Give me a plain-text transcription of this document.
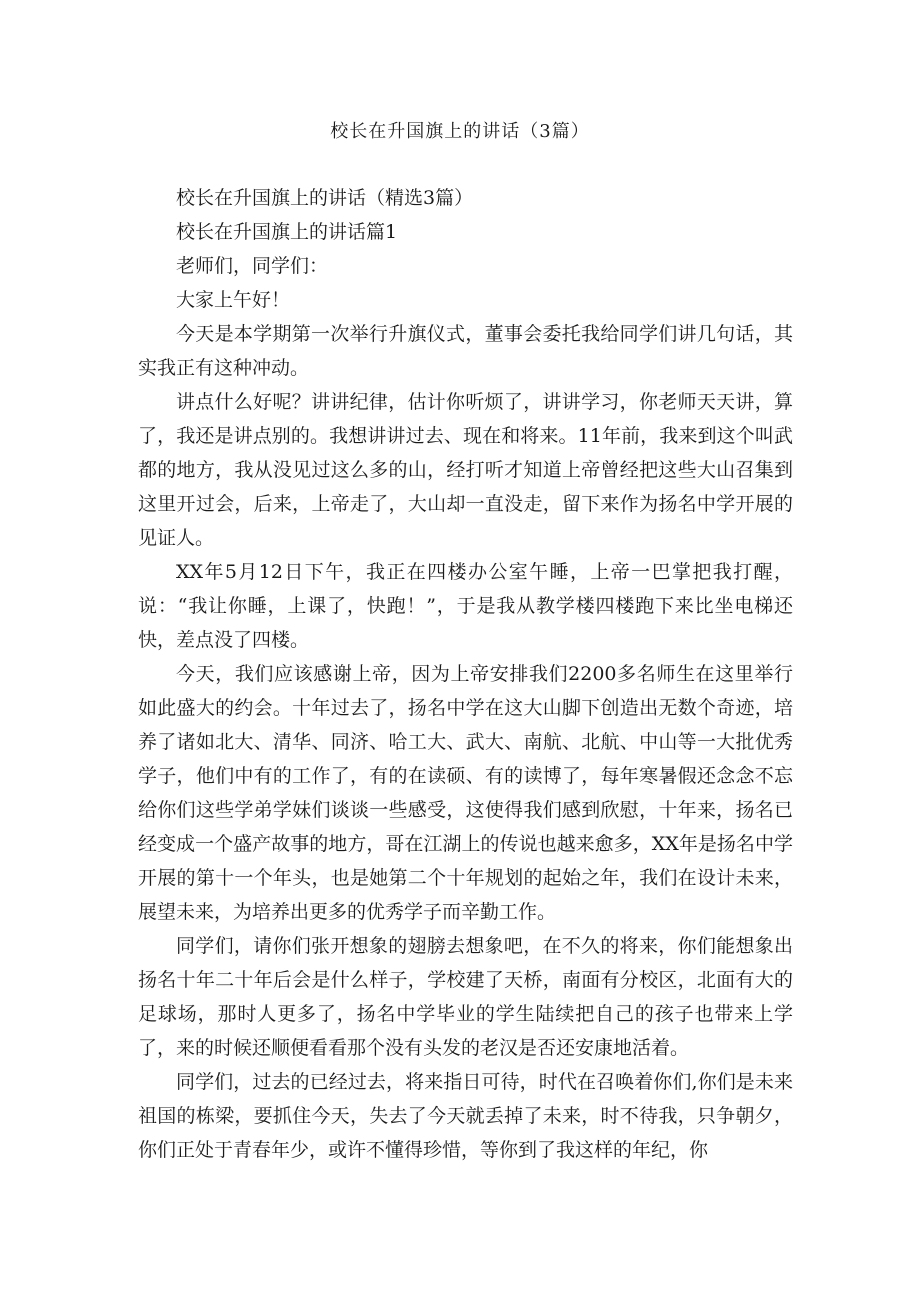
校长在升国旗上的讲话（3篇）

校长在升国旗上的讲话（精选3篇）

校长在升国旗上的讲话篇1

老师们，同学们：

大家上午好！

今天是本学期第一次举行升旗仪式，董事会委托我给同学们讲几句话，其实我正有这种冲动。

讲点什么好呢？讲讲纪律，估计你听烦了，讲讲学习，你老师天天讲，算了，我还是讲点别的。我想讲讲过去、现在和将来。11年前，我来到这个叫武都的地方，我从没见过这么多的山，经打听才知道上帝曾经把这些大山召集到这里开过会，后来，上帝走了，大山却一直没走，留下来作为扬名中学开展的见证人。

XX年5月12日下午，我正在四楼办公室午睡，上帝一巴掌把我打醒，说：“我让你睡，上课了，快跑！”，于是我从教学楼四楼跑下来比坐电梯还快，差点没了四楼。

今天，我们应该感谢上帝，因为上帝安排我们2200多名师生在这里举行如此盛大的约会。十年过去了，扬名中学在这大山脚下创造出无数个奇迹，培养了诸如北大、清华、同济、哈工大、武大、南航、北航、中山等一大批优秀学子，他们中有的工作了，有的在读硕、有的读博了，每年寒暑假还念念不忘给你们这些学弟学妹们谈谈一些感受，这使得我们感到欣慰，十年来，扬名已经变成一个盛产故事的地方，哥在江湖上的传说也越来愈多，XX年是扬名中学开展的第十一个年头，也是她第二个十年规划的起始之年，我们在设计未来，展望未来，为培养出更多的优秀学子而辛勤工作。

同学们，请你们张开想象的翅膀去想象吧，在不久的将来，你们能想象出扬名十年二十年后会是什么样子，学校建了天桥，南面有分校区，北面有大的足球场，那时人更多了，扬名中学毕业的学生陆续把自己的孩子也带来上学了，来的时候还顺便看看那个没有头发的老汉是否还安康地活着。

同学们，过去的已经过去，将来指日可待，时代在召唤着你们,你们是未来祖国的栋梁，要抓住今天，失去了今天就丢掉了未来，时不待我，只争朝夕，你们正处于青春年少，或许不懂得珍惜，等你到了我这样的年纪，你
